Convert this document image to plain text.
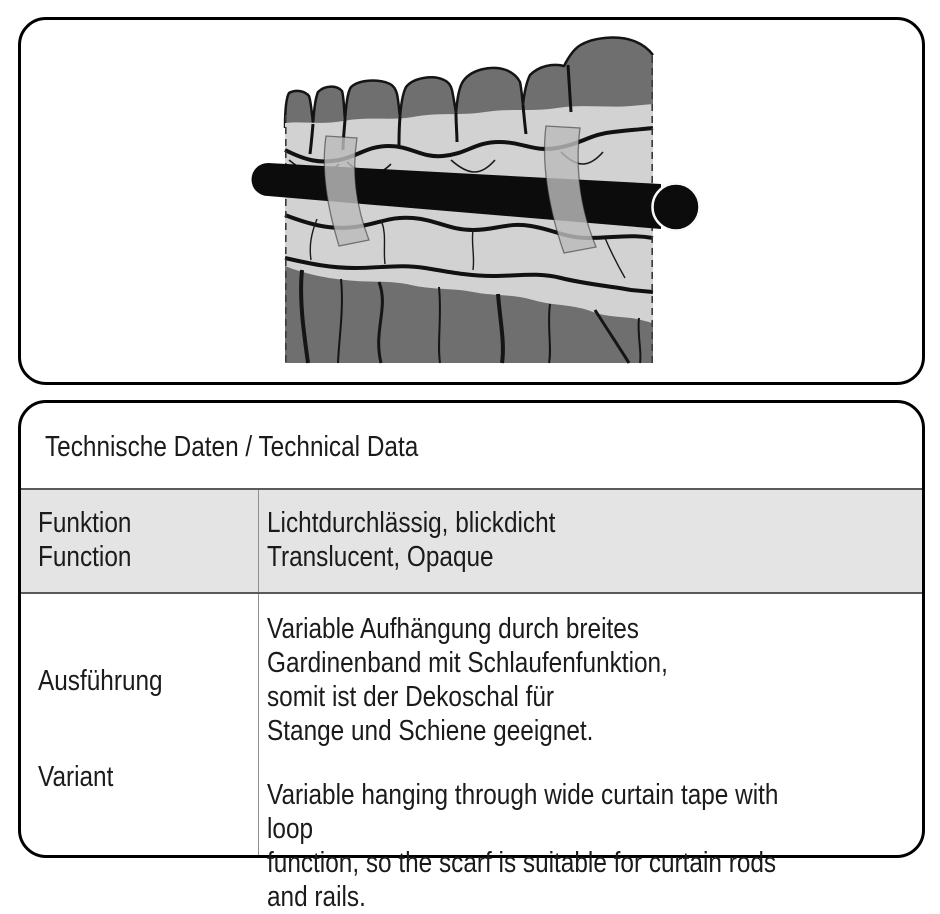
Technische Daten / Technical Data
Funktion
Function
Lichtdurchlässig, blickdicht
Translucent, Opaque
Ausführung
Variant
Variable Aufhängung durch breites
Gardinenband mit Schlaufenfunktion,
somit ist der Dekoschal für
Stange und Schiene geeignet.
Variable hanging through wide curtain tape with loop
function, so the scarf is suitable for curtain rods and rails.
